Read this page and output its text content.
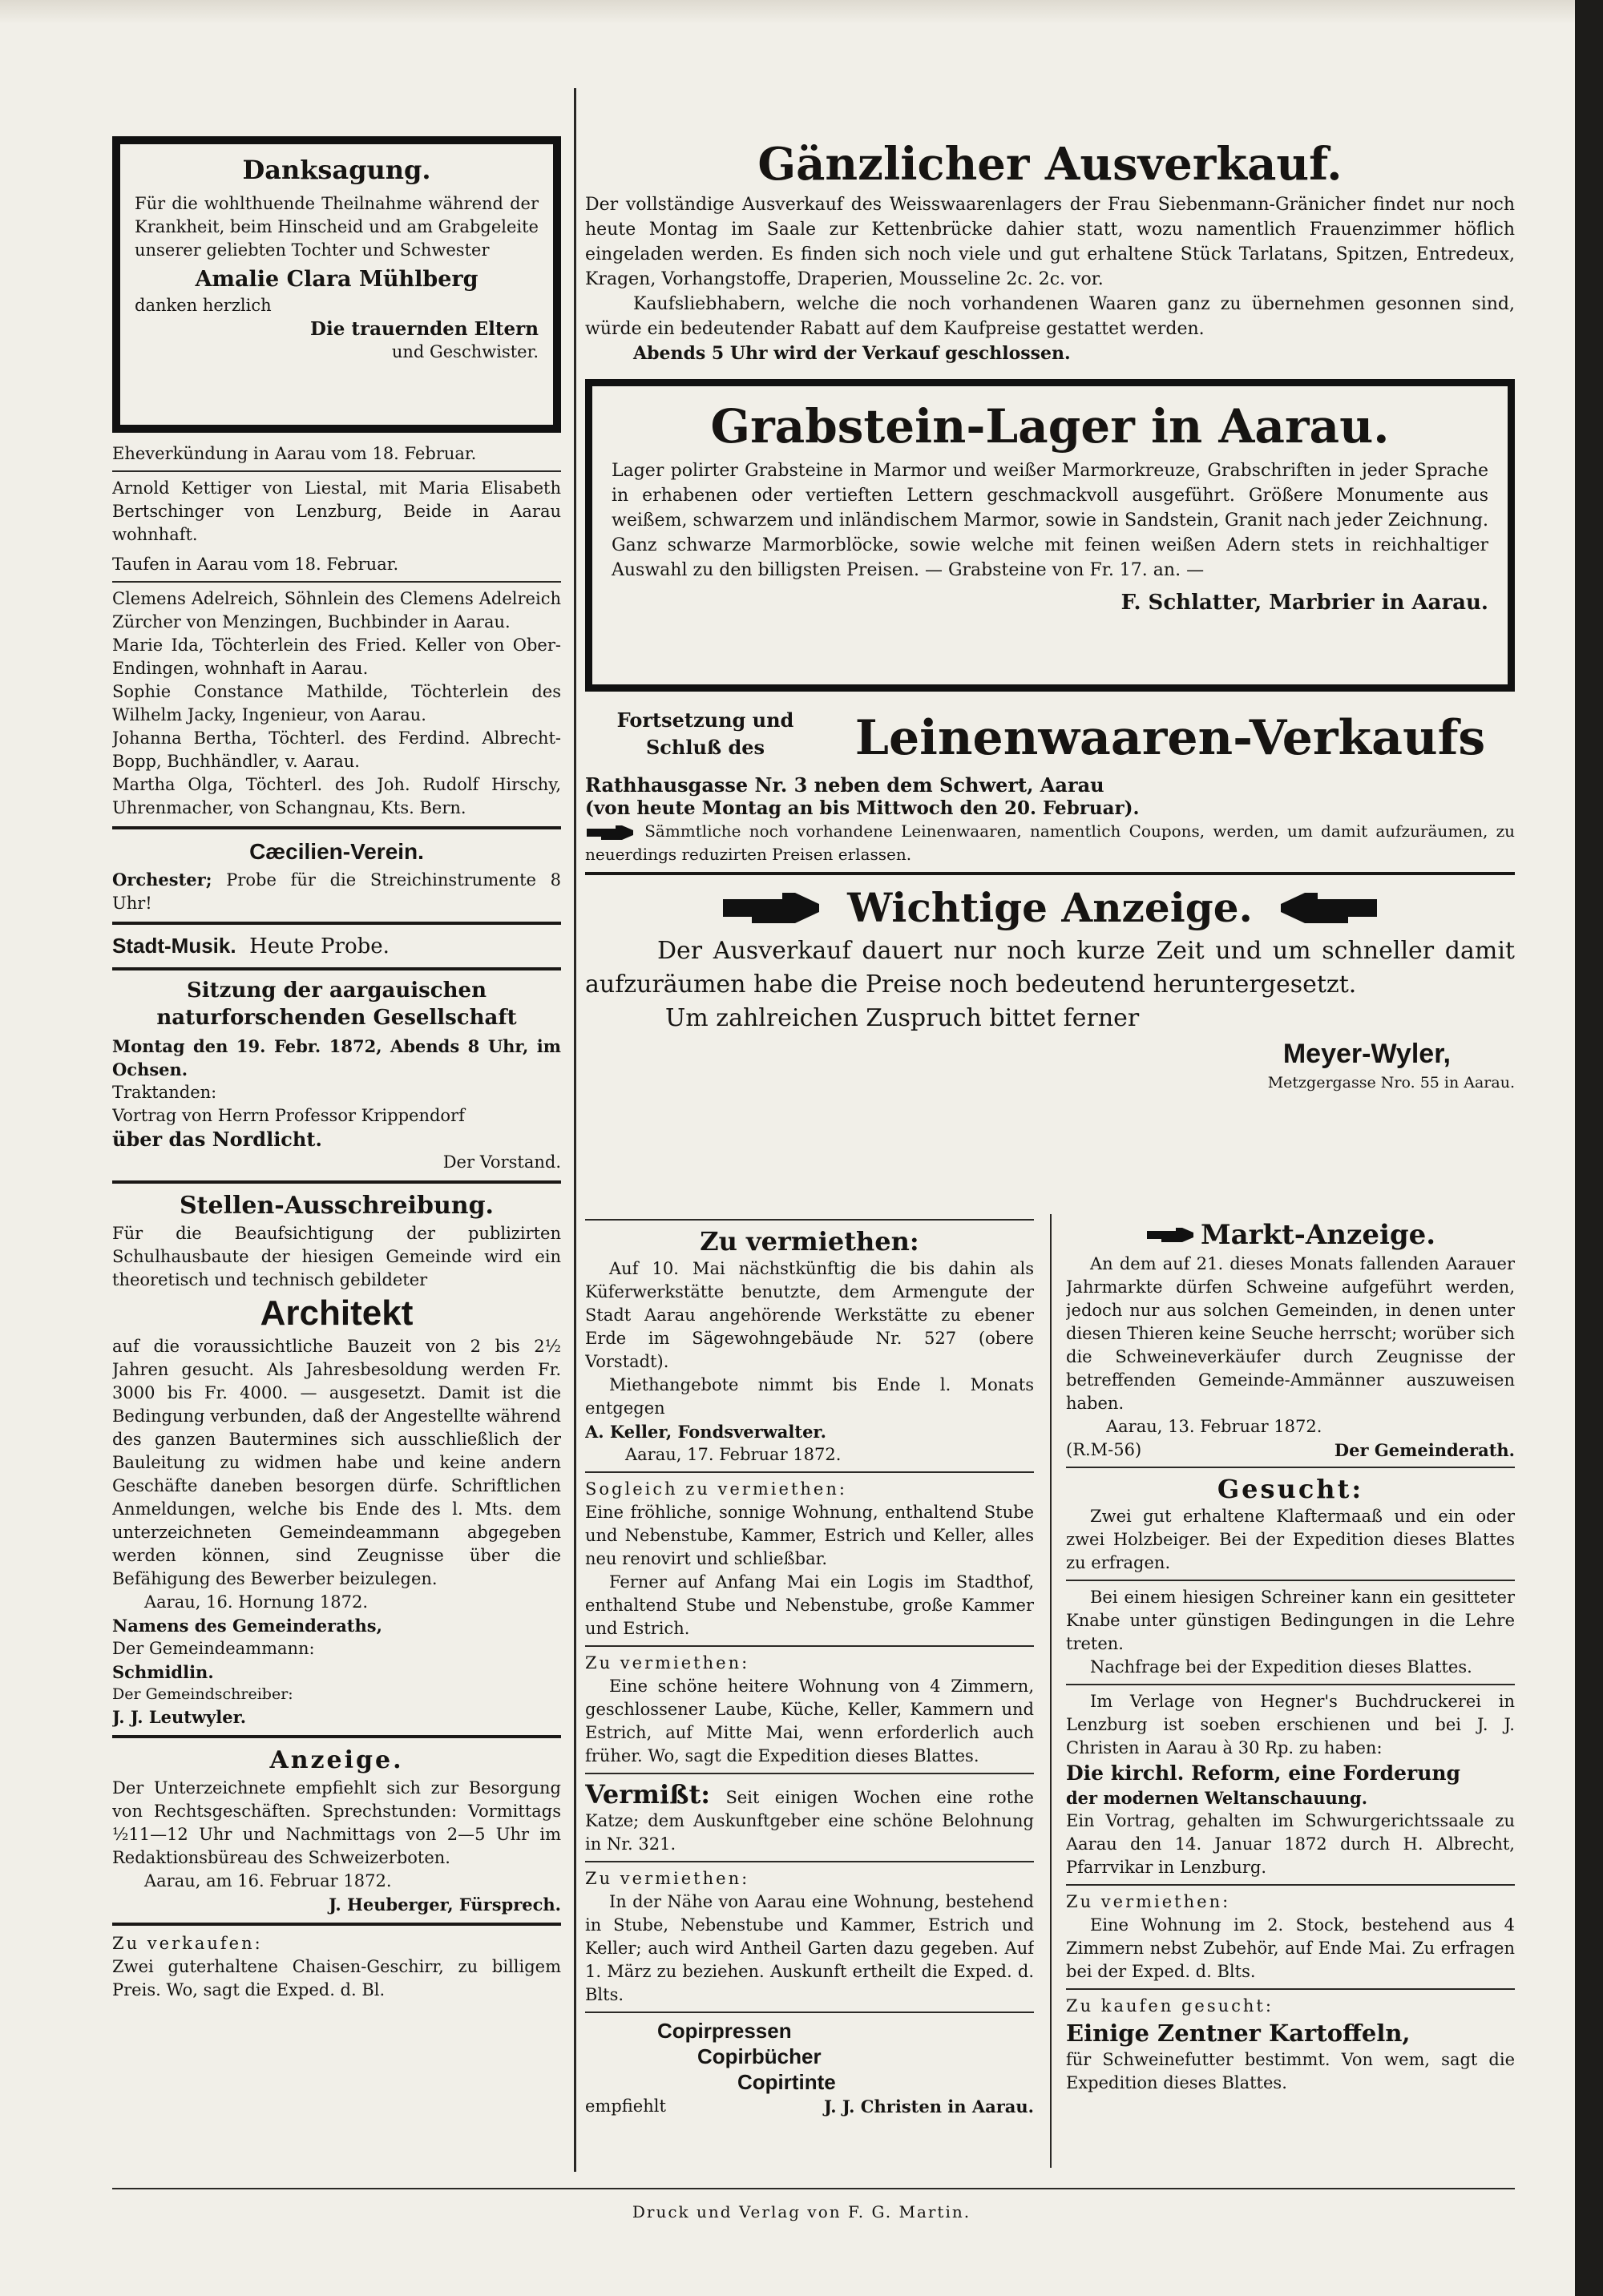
Danksagung.

Für die wohlthuende Theilnahme während der Krankheit, beim Hinscheid und am Grabgeleite unserer geliebten Tochter und Schwester

Amalie Clara Mühlberg

danken herzlich

Die trauernden Eltern

und Geschwister.

Eheverkündung in Aarau vom 18. Februar.

Arnold Kettiger von Liestal, mit Maria Elisabeth Bertschinger von Lenzburg, Beide in Aarau wohnhaft.

Taufen in Aarau vom 18. Februar.

Clemens Adelreich, Söhnlein des Clemens Adelreich Zürcher von Menzingen, Buchbinder in Aarau.

Marie Ida, Töchterlein des Fried. Keller von Ober-Endingen, wohnhaft in Aarau.

Sophie Constance Mathilde, Töchterlein des Wilhelm Jacky, Ingenieur, von Aarau.

Johanna Bertha, Töchterl. des Ferdind. Albrecht-Bopp, Buchhändler, v. Aarau.

Martha Olga, Töchterl. des Joh. Rudolf Hirschy, Uhrenmacher, von Schangnau, Kts. Bern.

Cæcilien-Verein.

Orchester; Probe für die Streichinstrumente 8 Uhr!

Stadt-Musik. Heute Probe.

Sitzung der aargauischen naturforschenden Gesellschaft

Montag den 19. Febr. 1872, Abends 8 Uhr, im Ochsen.

Traktanden:

Vortrag von Herrn Professor Krippendorf

über das Nordlicht.

Der Vorstand.

Stellen-Ausschreibung.

Für die Beaufsichtigung der publizirten Schulhausbaute der hiesigen Gemeinde wird ein theoretisch und technisch gebildeter

Architekt

auf die voraussichtliche Bauzeit von 2 bis 2½ Jahren gesucht. Als Jahresbesoldung werden Fr. 3000 bis Fr. 4000. — ausgesetzt. Damit ist die Bedingung verbunden, daß der Angestellte während des ganzen Bautermines sich ausschließlich der Bauleitung zu widmen habe und keine andern Geschäfte daneben besorgen dürfe. Schriftlichen Anmeldungen, welche bis Ende des l. Mts. dem unterzeichneten Gemeindeammann abgegeben werden können, sind Zeugnisse über die Befähigung des Bewerber beizulegen.

Aarau, 16. Hornung 1872.

Namens des Gemeinderaths,

Der Gemeindeammann:

Schmidlin.

Der Gemeindschreiber:

J. J. Leutwyler.

Anzeige.

Der Unterzeichnete empfiehlt sich zur Besorgung von Rechtsgeschäften. Sprechstunden: Vormittags ½11—12 Uhr und Nachmittags von 2—5 Uhr im Redaktionsbüreau des Schweizerboten.

Aarau, am 16. Februar 1872.

J. Heuberger, Fürsprech.

Zu verkaufen:

Zwei guterhaltene Chaisen-Geschirr, zu billigem Preis. Wo, sagt die Exped. d. Bl.

Gänzlicher Ausverkauf.

Der vollständige Ausverkauf des Weisswaarenlagers der Frau Siebenmann-Gränicher findet nur noch heute Montag im Saale zur Kettenbrücke dahier statt, wozu namentlich Frauenzimmer höflich eingeladen werden. Es finden sich noch viele und gut erhaltene Stück Tarlatans, Spitzen, Entredeux, Kragen, Vorhangstoffe, Draperien, Mousseline 2c. 2c. vor.

Kaufsliebhabern, welche die noch vorhandenen Waaren ganz zu übernehmen gesonnen sind, würde ein bedeutender Rabatt auf dem Kaufpreise gestattet werden.

Abends 5 Uhr wird der Verkauf geschlossen.

Grabstein-Lager in Aarau.

Lager polirter Grabsteine in Marmor und weißer Marmorkreuze, Grabschriften in jeder Sprache in erhabenen oder vertieften Lettern geschmackvoll ausgeführt. Größere Monumente aus weißem, schwarzem und inländischem Marmor, sowie in Sandstein, Granit nach jeder Zeichnung. Ganz schwarze Marmorblöcke, sowie welche mit feinen weißen Adern stets in reichhaltiger Auswahl zu den billigsten Preisen. — Grabsteine von Fr. 17. an. —

F. Schlatter, Marbrier in Aarau.

Fortsetzung und

Schluß des	Leinenwaaren-Verkaufs

Rathhausgasse Nr. 3 neben dem Schwert, Aarau

(von heute Montag an bis Mittwoch den 20. Februar).

Sämmtliche noch vorhandene Leinenwaaren, namentlich Coupons, werden, um damit aufzuräumen, zu neuerdings reduzirten Preisen erlassen.

Wichtige Anzeige.

Der Ausverkauf dauert nur noch kurze Zeit und um schneller damit aufzuräumen habe die Preise noch bedeutend heruntergesetzt.

Um zahlreichen Zuspruch bittet ferner

Meyer-Wyler,

Metzgergasse Nro. 55 in Aarau.

Zu vermiethen:

Auf 10. Mai nächstkünftig die bis dahin als Küferwerkstätte benutzte, dem Armengute der Stadt Aarau angehörende Werkstätte zu ebener Erde im Sägewohngebäude Nr. 527 (obere Vorstadt).

Miethangebote nimmt bis Ende l. Monats entgegen

A. Keller, Fondsverwalter.

Aarau, 17. Februar 1872.

Sogleich zu vermiethen:

Eine fröhliche, sonnige Wohnung, enthaltend Stube und Nebenstube, Kammer, Estrich und Keller, alles neu renovirt und schließbar.

Ferner auf Anfang Mai ein Logis im Stadthof, enthaltend Stube und Nebenstube, große Kammer und Estrich.

Zu vermiethen:

Eine schöne heitere Wohnung von 4 Zimmern, geschlossener Laube, Küche, Keller, Kammern und Estrich, auf Mitte Mai, wenn erforderlich auch früher. Wo, sagt die Expedition dieses Blattes.

Vermißt: Seit einigen Wochen eine rothe Katze; dem Auskunftgeber eine schöne Belohnung in Nr. 321.

Zu vermiethen:

In der Nähe von Aarau eine Wohnung, bestehend in Stube, Nebenstube und Kammer, Estrich und Keller; auch wird Antheil Garten dazu gegeben. Auf 1. März zu beziehen. Auskunft ertheilt die Exped. d. Blts.

Copirpressen

Copirbücher

Copirtinte

empfiehlt	J. J. Christen in Aarau.

Markt-Anzeige.

An dem auf 21. dieses Monats fallenden Aarauer Jahrmarkte dürfen Schweine aufgeführt werden, jedoch nur aus solchen Gemeinden, in denen unter diesen Thieren keine Seuche herrscht; worüber sich die Schweineverkäufer durch Zeugnisse der betreffenden Gemeinde-Ammänner auszuweisen haben.

Aarau, 13. Februar 1872.

(R.M-56)	Der Gemeinderath.

Gesucht:

Zwei gut erhaltene Klaftermaaß und ein oder zwei Holzbeiger. Bei der Expedition dieses Blattes zu erfragen.

Bei einem hiesigen Schreiner kann ein gesitteter Knabe unter günstigen Bedingungen in die Lehre treten.

Nachfrage bei der Expedition dieses Blattes.

Im Verlage von Hegner's Buchdruckerei in Lenzburg ist soeben erschienen und bei J. J. Christen in Aarau à 30 Rp. zu haben:

Die kirchl. Reform, eine Forderung

der modernen Weltanschauung.

Ein Vortrag, gehalten im Schwurgerichtssaale zu Aarau den 14. Januar 1872 durch H. Albrecht, Pfarrvikar in Lenzburg.

Zu vermiethen:

Eine Wohnung im 2. Stock, bestehend aus 4 Zimmern nebst Zubehör, auf Ende Mai. Zu erfragen bei der Exped. d. Blts.

Zu kaufen gesucht:

Einige Zentner Kartoffeln,

für Schweinefutter bestimmt. Von wem, sagt die Expedition dieses Blattes.

Druck und Verlag von F. G. Martin.
